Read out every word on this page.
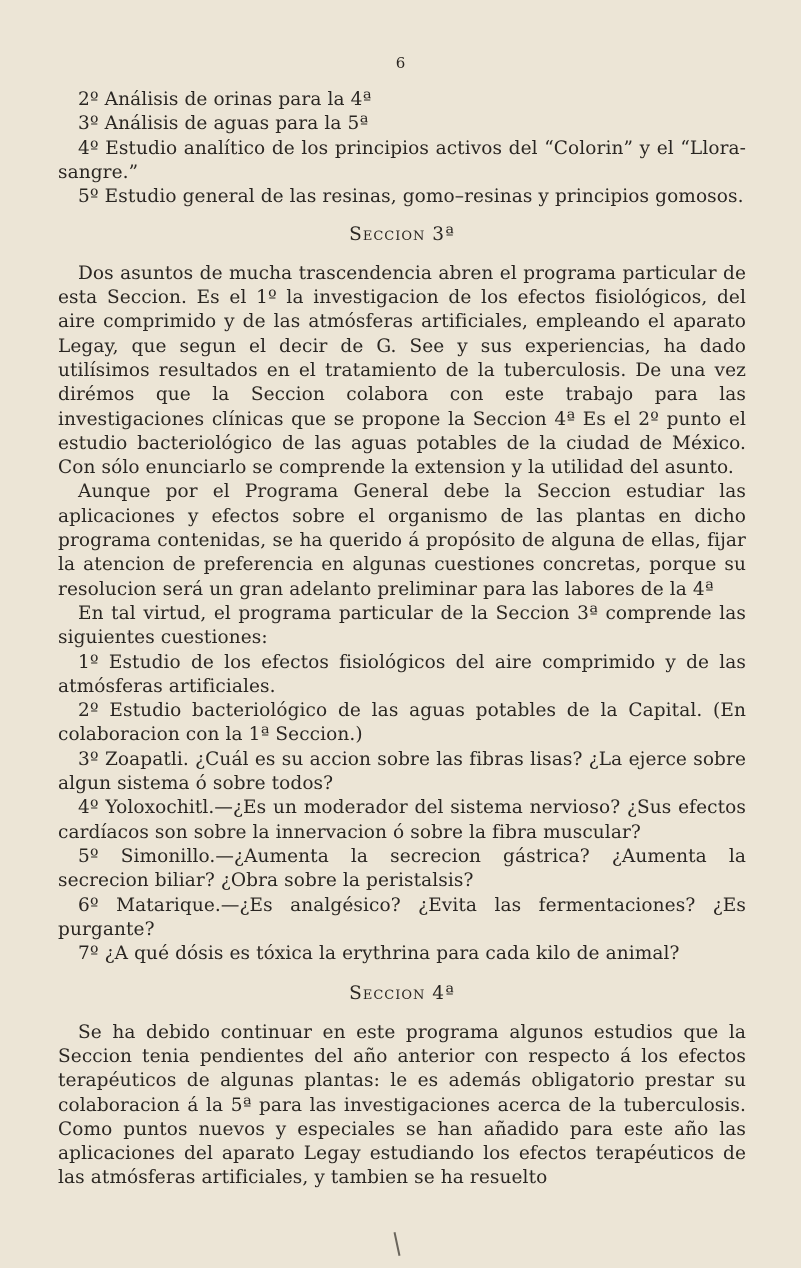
6

2º Análisis de orinas para la 4ª

3º Análisis de aguas para la 5ª

4º Estudio analítico de los principios activos del “Colorin” y el “Llora-sangre.”

5º Estudio general de las resinas, gomo–resinas y principios gomosos.

Seccion 3ª

Dos asuntos de mucha trascendencia abren el programa particular de esta Seccion. Es el 1º la investigacion de los efectos fisiológicos, del aire comprimido y de las atmósferas artificiales, empleando el aparato Legay, que segun el decir de G. See y sus experiencias, ha dado utilísimos resultados en el tratamiento de la tuberculosis. De una vez dirémos que la Seccion colabora con este trabajo para las investigaciones clínicas que se propone la Seccion 4ª Es el 2º punto el estudio bacteriológico de las aguas potables de la ciudad de México. Con sólo enunciarlo se comprende la extension y la utilidad del asunto.

Aunque por el Programa General debe la Seccion estudiar las aplicaciones y efectos sobre el organismo de las plantas en dicho programa contenidas, se ha querido á propósito de alguna de ellas, fijar la atencion de preferencia en algunas cuestiones concretas, porque su resolucion será un gran adelanto preliminar para las labores de la 4ª

En tal virtud, el programa particular de la Seccion 3ª comprende las siguientes cuestiones:

1º Estudio de los efectos fisiológicos del aire comprimido y de las atmósferas artificiales.

2º Estudio bacteriológico de las aguas potables de la Capital. (En colaboracion con la 1ª Seccion.)

3º Zoapatli. ¿Cuál es su accion sobre las fibras lisas? ¿La ejerce sobre algun sistema ó sobre todos?

4º Yoloxochitl.—¿Es un moderador del sistema nervioso? ¿Sus efectos cardíacos son sobre la innervacion ó sobre la fibra muscular?

5º Simonillo.—¿Aumenta la secrecion gástrica? ¿Aumenta la secrecion biliar? ¿Obra sobre la peristalsis?

6º Matarique.—¿Es analgésico? ¿Evita las fermentaciones? ¿Es purgante?

7º ¿A qué dósis es tóxica la erythrina para cada kilo de animal?

Seccion 4ª

Se ha debido continuar en este programa algunos estudios que la Seccion tenia pendientes del año anterior con respecto á los efectos terapéuticos de algunas plantas: le es además obligatorio prestar su colaboracion á la 5ª para las investigaciones acerca de la tuberculosis. Como puntos nuevos y especiales se han añadido para este año las aplicaciones del aparato Legay estudiando los efectos terapéuticos de las atmósferas artificiales, y tambien se ha resuelto
